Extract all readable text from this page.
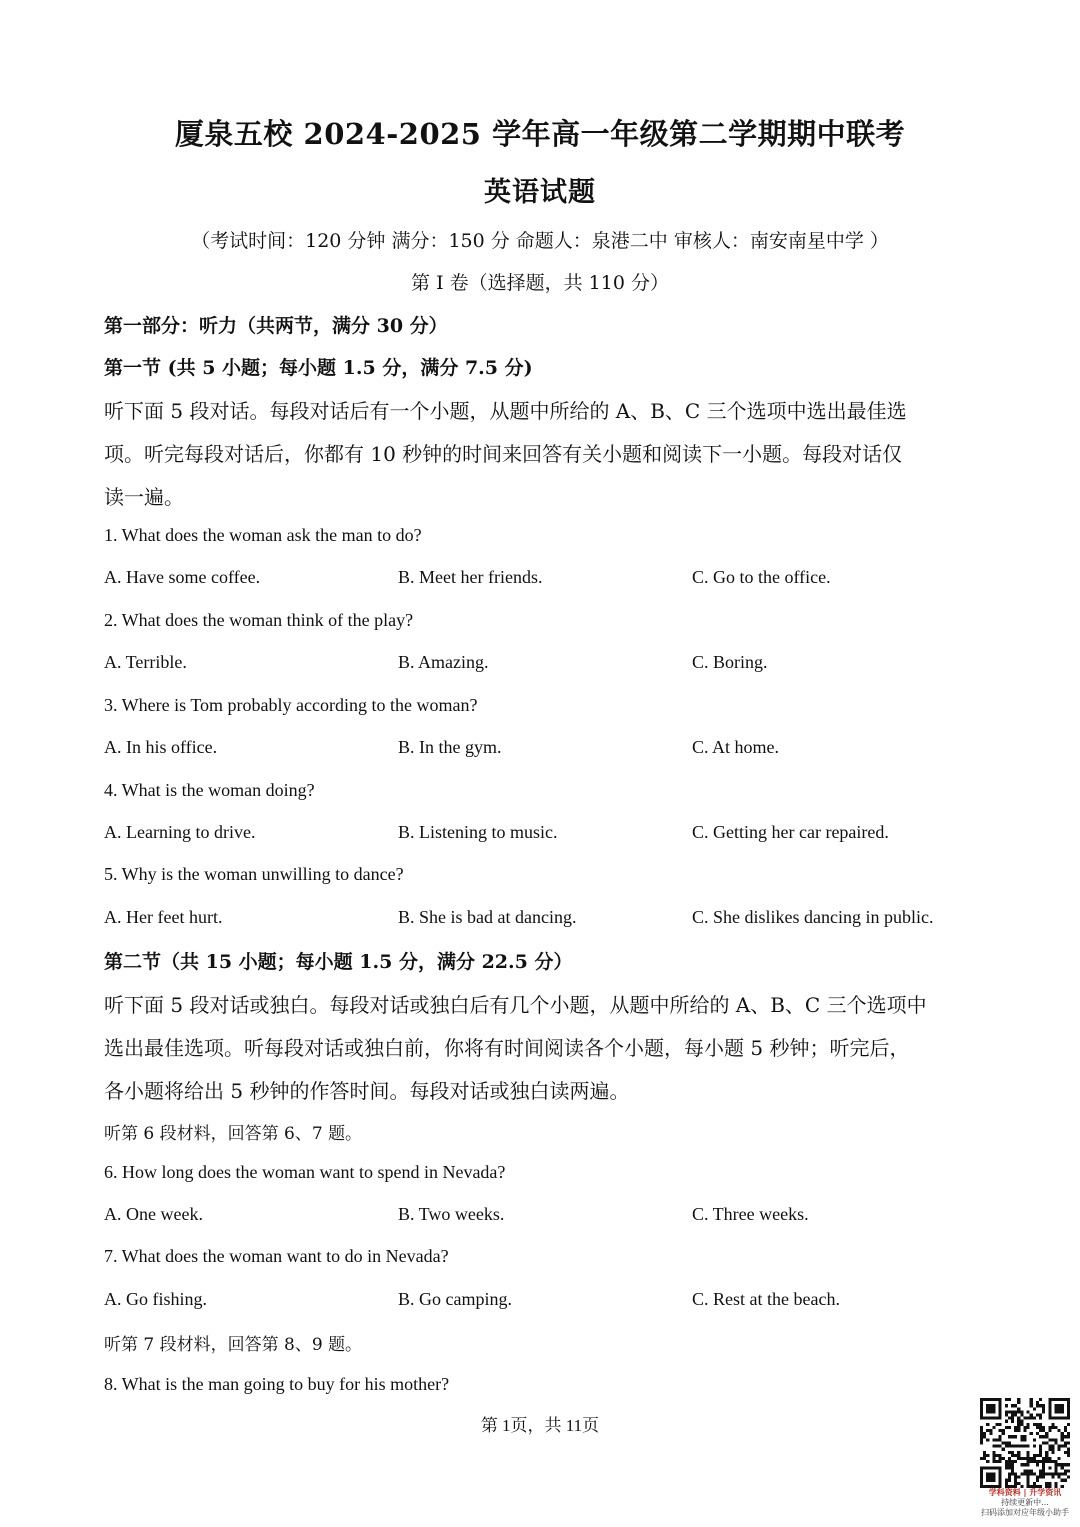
厦泉五校 2024-2025 学年高一年级第二学期期中联考
英语试题
（考试时间：120 分钟 满分：150 分 命题人：泉港二中 审核人：南安南星中学 ）
第 I 卷（选择题，共 110 分）
第一部分：听力（共两节，满分 30 分）
第一节 (共 5 小题；每小题 1.5 分，满分 7.5 分)
听下面 5 段对话。每段对话后有一个小题，从题中所给的 A、B、C 三个选项中选出最佳选
项。听完每段对话后，你都有 10 秒钟的时间来回答有关小题和阅读下一小题。每段对话仅
读一遍。
1. What does the woman ask the man to do?
A. Have some coffee.	B. Meet her friends.	C. Go to the office.
2. What does the woman think of the play?
A. Terrible.	B. Amazing.	C. Boring.
3. Where is Tom probably according to the woman?
A. In his office.	B. In the gym.	C. At home.
4. What is the woman doing?
A. Learning to drive.	B. Listening to music.	C. Getting her car repaired.
5. Why is the woman unwilling to dance?
A. Her feet hurt.	B. She is bad at dancing.	C. She dislikes dancing in public.
第二节（共 15 小题；每小题 1.5 分，满分 22.5 分）
听下面 5 段对话或独白。每段对话或独白后有几个小题，从题中所给的 A、B、C 三个选项中
选出最佳选项。听每段对话或独白前，你将有时间阅读各个小题，每小题 5 秒钟；听完后，
各小题将给出 5 秒钟的作答时间。每段对话或独白读两遍。
听第 6 段材料，回答第 6、7 题。
6. How long does the woman want to spend in Nevada?
A. One week.	B. Two weeks.	C. Three weeks.
7. What does the woman want to do in Nevada?
A. Go fishing.	B. Go camping.	C. Rest at the beach.
听第 7 段材料，回答第 8、9 题。
8. What is the man going to buy for his mother?
第 1页，共 11页
学科资料 | 升学资讯
持续更新中...
扫码添加对应年级小助手
